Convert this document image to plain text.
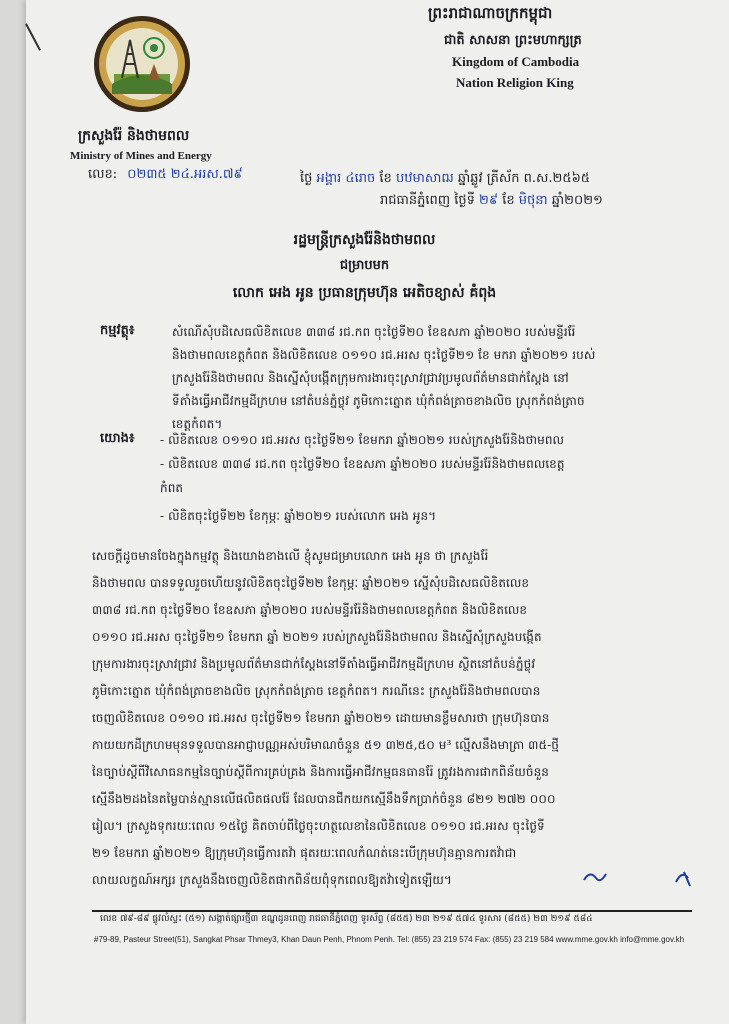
ក្រសួងរ៉ែ និងថាមពល
Ministry of Mines and Energy
លេខ: ០២៣៥ ២៤.អរស.៧៩
ព្រះរាជាណាចក្រកម្ពុជា
ជាតិ សាសនា ព្រះមហាក្សត្រ
Kingdom of Cambodia
Nation Religion King
ថ្ងៃ អង្គារ ៤រោច ខែ បឋមាសាឍ ឆ្នាំឆ្លូវ ត្រីស័ក ព.ស.២៥៦៥
រាជធានីភ្នំពេញ ថ្ងៃទី ២៩ ខែ មិថុនា ឆ្នាំ២០២១
រដ្ឋមន្ត្រីក្រសួងរ៉ែនិងថាមពល
ជម្រាបមក
លោក អេង អូន ប្រធានក្រុមហ៊ុន អេតិចខ្យាស់ គំពុង
កម្មវត្ថុ៖	សំណើសុំបដិសេធលិខិតលេខ ៣៣៨ រជ.កព ចុះថ្ងៃទី២០ ខែឧសភា ឆ្នាំ២០២០ របស់មន្ទីររ៉ែ
និងថាមពលខេត្តកំពត និងលិខិតលេខ ០១១០ រជ.អរស ចុះថ្ងៃទី២១ ខែ មករា ឆ្នាំ២០២១ របស់
ក្រសួងរ៉ែនិងថាមពល និងស្នើសុំបង្កើតក្រុមការងារចុះស្រាវជ្រាវប្រមូលព័ត៌មានជាក់ស្តែង នៅ
ទីតាំងធ្វើអាជីវកម្មដីក្រហម នៅតំបន់ភ្នំថ្លុវ ភូមិកោះត្នោត ឃុំកំពង់ត្រាចខាងលិច ស្រុកកំពង់ត្រាច
ខេត្តកំពត។
យោង៖ - លិខិតលេខ ០១១០ រជ.អរស ចុះថ្ងៃទី២១ ខែមករា ឆ្នាំ២០២១ របស់ក្រសួងរ៉ែនិងថាមពល
- លិខិតលេខ ៣៣៨ រជ.កព ចុះថ្ងៃទី២០ ខែឧសភា ឆ្នាំ២០២០ របស់មន្ទីររ៉ែនិងថាមពលខេត្ត
កំពត
- លិខិតចុះថ្ងៃទី២២ ខែកុម្ភៈ ឆ្នាំ២០២១ របស់លោក អេង អូន។
សេចក្តីដូចមានចែងក្នុងកម្មវត្ថុ និងយោងខាងលើ ខ្ញុំសូមជម្រាបលោក អេង អូន ថា ក្រសួងរ៉ែ
និងថាមពល បានទទួលរួចហើយនូវលិខិតចុះថ្ងៃទី២២ ខែកុម្ភៈ ឆ្នាំ២០២១ ស្នើសុំបដិសេធលិខិតលេខ
៣៣៨ រជ.កព ចុះថ្ងៃទី២០ ខែឧសភា ឆ្នាំ២០២០ របស់មន្ទីររ៉ែនិងថាមពលខេត្តកំពត និងលិខិតលេខ
០១១០ រជ.អរស ចុះថ្ងៃទី២១ ខែមករា ឆ្នាំ ២០២១ របស់ក្រសួងរ៉ែនិងថាមពល និងស្នើសុំក្រសួងបង្កើត
ក្រុមការងារចុះស្រាវជ្រាវ និងប្រមូលព័ត៌មានជាក់ស្តែងនៅទីតាំងធ្វើអាជីវកម្មដីក្រហម ស្ថិតនៅតំបន់ភ្នំថ្លុវ
ភូមិកោះត្នោត ឃុំកំពង់ត្រាចខាងលិច ស្រុកកំពង់ត្រាច ខេត្តកំពត។ ករណីនេះ ក្រសួងរ៉ែនិងថាមពលបាន
ចេញលិខិតលេខ ០១១០ រជ.អរស ចុះថ្ងៃទី២១ ខែមករា ឆ្នាំ២០២១ ដោយមានខ្លឹមសារថា ក្រុមហ៊ុនបាន
កាយយកដីក្រហមមុនទទួលបានអាជ្ញាបណ្ណអស់បរិមាណចំនួន ៥១ ៣២៥,៥០ ម³ ល្មើសនឹងមាត្រា ៣៥-ថ្មី
នៃច្បាប់ស្តីពីវិសោធនកម្មនៃច្បាប់ស្តីពីការគ្រប់គ្រង និងការធ្វើអាជីវកម្មធនធានរ៉ែ ត្រូវរងការផាកពិន័យចំនួន
ស្មើនឹង២ដងនៃតម្លៃបាន់ស្មានលើផលិតផលរ៉ែ ដែលបានជីកយកស្មើនឹងទឹកប្រាក់ចំនួន ៨២១ ២៧២ ០០០
រៀល។ ក្រសួងទុករយៈពេល ១៥ថ្ងៃ គិតចាប់ពីថ្ងៃចុះហត្ថលេខានៃលិខិតលេខ ០១១០ រជ.អរស ចុះថ្ងៃទី
២១ ខែមករា ឆ្នាំ២០២១ ឱ្យក្រុមហ៊ុនធ្វើការតវ៉ា ផុតរយៈពេលកំណត់នេះបើក្រុមហ៊ុនគ្មានការតវ៉ាជា
លាយលក្ខណ៍អក្សរ ក្រសួងនឹងចេញលិខិតផាកពិន័យពុំទុកពេលឱ្យតវ៉ាទៀតឡើយ។
លេខ ៧៩-៨៩ ផ្លូវលំស្ទះ (៥១) សង្កាត់ផ្សារថ្មី៣ ខណ្ឌដូនពេញ រាជធានីភ្នំពេញ ទូរស័ព្ទ (៨៥៥) ២៣ ២១៩ ៥៧៤ ទូរសារ (៨៥៥) ២៣ ២១៩ ៥៨៤
#79-89, Pasteur Street(51), Sangkat Phsar Thmey3, Khan Daun Penh, Phnom Penh. Tel: (855) 23 219 574 Fax: (855) 23 219 584 www.mme.gov.kh info@mme.gov.kh
